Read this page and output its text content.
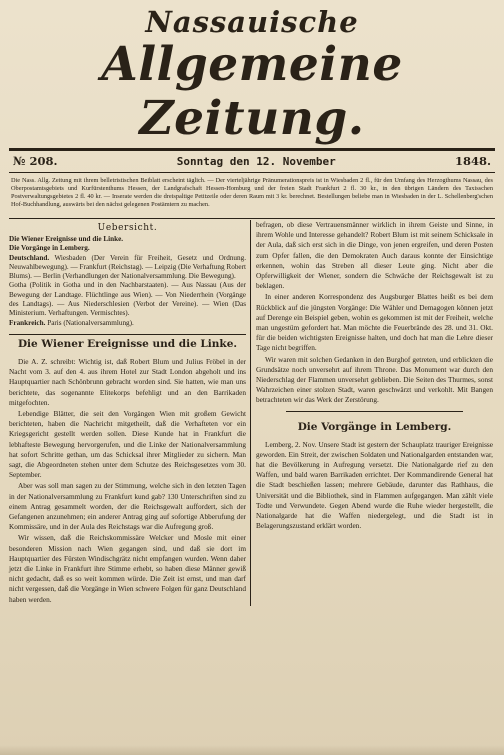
Nassauische
Allgemeine Zeitung.
№ 208.	Sonntag den 12. November	1848.
Die Nass. Allg. Zeitung mit ihrem belletristischen Beiblatt erscheint täglich. — Der vierteljährige Pränumerationspreis ist in Wiesbaden 2 fl., für den Umfang des Herzogthums Nassau, des Oberpostamtsgebiets und Kurfürstenthums Hessen, der Landgrafschaft Hessen-Homburg und der freien Stadt Frankfurt 2 fl. 30 kr., in den übrigen Ländern des Taxisschen Postverwaltungsgebietes 2 fl. 40 kr. — Inserate werden die dreispaltige Petitzeile oder deren Raum mit 3 kr. berechnet. Bestellungen beliebe man in Wiesbaden in der L. Schellenberg'schen Hof-Buchhandlung, auswärts bei den nächst gelegenen Postämtern zu machen.
Uebersicht.

Die Wiener Ereignisse und die Linke.

Die Vorgänge in Lemberg.

Deutschland. Wiesbaden (Der Verein für Freiheit, Gesetz und Ordnung. Neuwahlbewegung). — Frankfurt (Reichstag). — Leipzig (Die Verhaftung Robert Blums). — Berlin (Verhandlungen der Nationalversammlung. Die Bewegung).

Gotha (Politik in Gotha und in den Nachbarstaaten). — Aus Nassau (Aus der Bewegung der Landtage. Flüchtlinge aus Wien). — Von Niederrhein (Vorgänge des Landtags). — Aus Niederschlesien (Verbot der Vereine). — Wien (Das Ministerium. Verhaftungen. Vermischtes).

Frankreich. Paris (Nationalversammlung).

Die Wiener Ereignisse und die Linke.

Die A. Z. schreibt: Wichtig ist, daß Robert Blum und Julius Fröbel in der Nacht vom 3. auf den 4. aus ihrem Hotel zur Stadt London abgeholt und ins Hauptquartier nach Schönbrunn gebracht worden sind. Sie hatten, wie man uns berichtete, das sogenannte Elitekorps befehligt und an den Barrikaden mitgefochten.

Lebendige Blätter, die seit den Vorgängen Wien mit großem Gewicht berichteten, haben die Nachricht mitgetheilt, daß die Verhafteten vor ein Kriegsgericht gestellt werden sollen. Diese Kunde hat in Frankfurt die lebhafteste Bewegung hervorgerufen, und die Linke der Nationalversammlung hat sofort Schritte gethan, um das Schicksal ihrer Mitglieder zu sichern. Man sagt, die Abgeordneten stehen unter dem Schutze des Reichsgesetzes vom 30. September.

Aber was soll man sagen zu der Stimmung, welche sich in den letzten Tagen in der Nationalversammlung zu Frankfurt kund gab? 130 Unterschriften sind zu einem Antrag gesammelt worden, der die Reichsgewalt auffordert, sich der Gefangenen anzunehmen; ein anderer Antrag ging auf sofortige Abberufung der Kommissäre, und in der Aula des Reichstags war die Aufregung groß.

Wir wissen, daß die Reichskommissäre Welcker und Mosle mit einer besonderen Mission nach Wien gegangen sind, und daß sie dort im Hauptquartier des Fürsten Windischgrätz nicht empfangen wurden. Wenn daher jetzt die Linke in Frankfurt ihre Stimme erhebt, so haben diese Männer gewiß nicht gedacht, daß es so weit kommen würde. Die Zeit ist ernst, und man darf nicht vergessen, daß die Vorgänge in Wien schwere Folgen für ganz Deutschland haben werden.

befragen, ob diese Vertrauensmänner wirklich in ihrem Geiste und Sinne, in ihrem Wohle und Interesse gehandelt? Robert Blum ist mit seinem Schicksale in der Aula, daß sich erst sich in die Dinge, von jenen ergreifen, und deren Posten zum Opfer fallen, die den Demokraten Auch daraus konnte der Einsichtige erkennen, wohin das Streben all dieser Leute ging. Nicht aber die Opferwilligkeit der Wiener, sondern die Schwäche der Reichsgewalt ist zu beklagen.

In einer anderen Korrespondenz des Augsburger Blattes heißt es bei dem Rückblick auf die jüngsten Vorgänge: Die Wähler und Demagogen können jetzt auf Derenge ein Beispiel geben, wohin es gekommen ist mit der Freiheit, welche man ungestüm gefordert hat. Man möchte die Feuerbrände des 28. und 31. Okt. für die beiden wichtigsten Ereignisse halten, und doch hat man die Lehre dieser Tage nicht begriffen.

Wir waren mit solchen Gedanken in den Burghof getreten, und erblickten die Grundsätze noch unversehrt auf ihrem Throne. Das Monument war durch den Niederschlag der Flammen unversehrt geblieben. Die Seiten des Thurmes, sonst Wahrzeichen einer stolzen Stadt, waren geschwärzt und verkohlt. Mit Bangen betrachteten wir das Werk der Zerstörung.

Die Vorgänge in Lemberg.

Lemberg, 2. Nov. Unsere Stadt ist gestern der Schauplatz trauriger Ereignisse geworden. Ein Streit, der zwischen Soldaten und Nationalgarden entstanden war, hat die Bevölkerung in Aufregung versetzt. Die Nationalgarde rief zu den Waffen, und bald waren Barrikaden errichtet. Der Kommandirende General hat die Stadt beschießen lassen; mehrere Gebäude, darunter das Rathhaus, die Universität und die Bibliothek, sind in Flammen aufgegangen. Man zählt viele Todte und Verwundete. Gegen Abend wurde die Ruhe wieder hergestellt, die Nationalgarde hat die Waffen niedergelegt, und die Stadt ist in Belagerungszustand erklärt worden.
